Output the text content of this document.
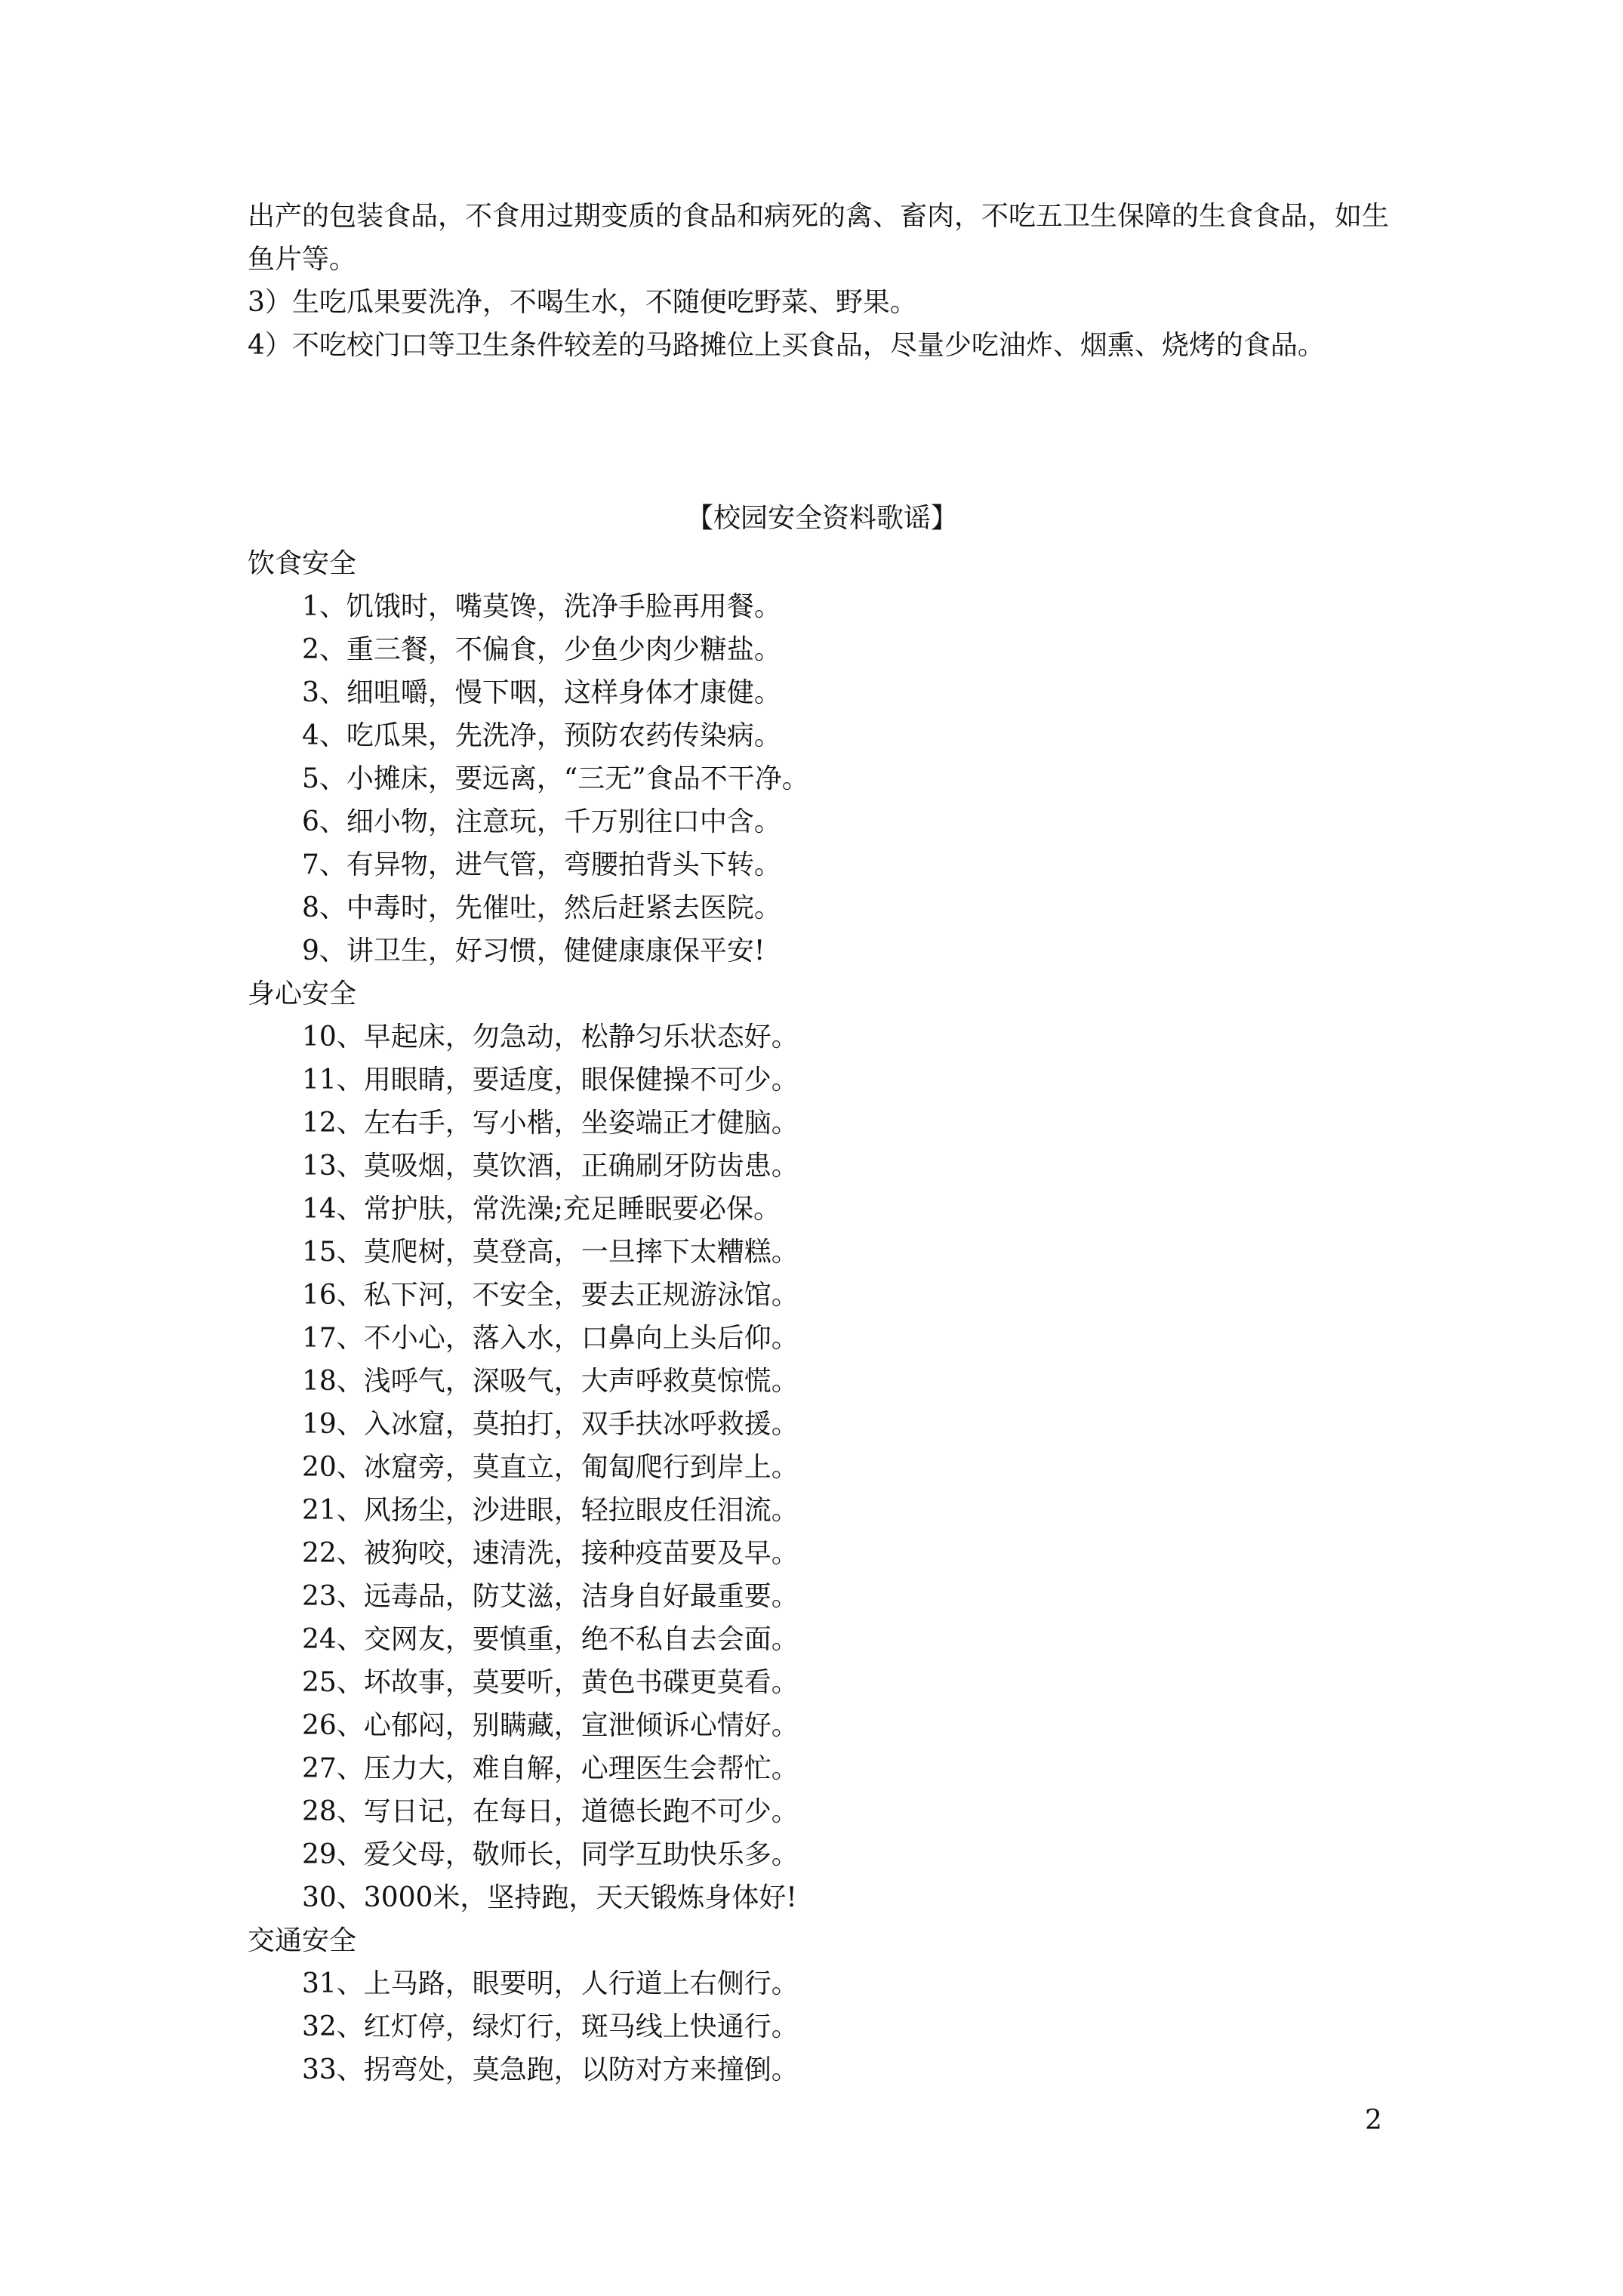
出产的包装食品，不食用过期变质的食品和病死的禽、畜肉，不吃五卫生保障的生食食品，如生鱼片等。
3）生吃瓜果要洗净，不喝生水，不随便吃野菜、野果。
4）不吃校门口等卫生条件较差的马路摊位上买食品，尽量少吃油炸、烟熏、烧烤的食品。
【校园安全资料歌谣】
饮食安全
1、饥饿时，嘴莫馋，洗净手脸再用餐。
2、重三餐，不偏食，少鱼少肉少糖盐。
3、细咀嚼，慢下咽，这样身体才康健。
4、吃瓜果，先洗净，预防农药传染病。
5、小摊床，要远离，“三无”食品不干净。
6、细小物，注意玩，千万别往口中含。
7、有异物，进气管，弯腰拍背头下转。
8、中毒时，先催吐，然后赶紧去医院。
9、讲卫生，好习惯，健健康康保平安!
身心安全
10、早起床，勿急动，松静匀乐状态好。
11、用眼睛，要适度，眼保健操不可少。
12、左右手，写小楷，坐姿端正才健脑。
13、莫吸烟，莫饮酒，正确刷牙防齿患。
14、常护肤，常洗澡;充足睡眠要必保。
15、莫爬树，莫登高，一旦摔下太糟糕。
16、私下河，不安全，要去正规游泳馆。
17、不小心，落入水，口鼻向上头后仰。
18、浅呼气，深吸气，大声呼救莫惊慌。
19、入冰窟，莫拍打，双手扶冰呼救援。
20、冰窟旁，莫直立，匍匐爬行到岸上。
21、风扬尘，沙进眼，轻拉眼皮任泪流。
22、被狗咬，速清洗，接种疫苗要及早。
23、远毒品，防艾滋，洁身自好最重要。
24、交网友，要慎重，绝不私自去会面。
25、坏故事，莫要听，黄色书碟更莫看。
26、心郁闷，别瞒藏，宣泄倾诉心情好。
27、压力大，难自解，心理医生会帮忙。
28、写日记，在每日，道德长跑不可少。
29、爱父母，敬师长，同学互助快乐多。
30、3000米，坚持跑，天天锻炼身体好!
交通安全
31、上马路，眼要明，人行道上右侧行。
32、红灯停，绿灯行，斑马线上快通行。
33、拐弯处，莫急跑，以防对方来撞倒。
2
